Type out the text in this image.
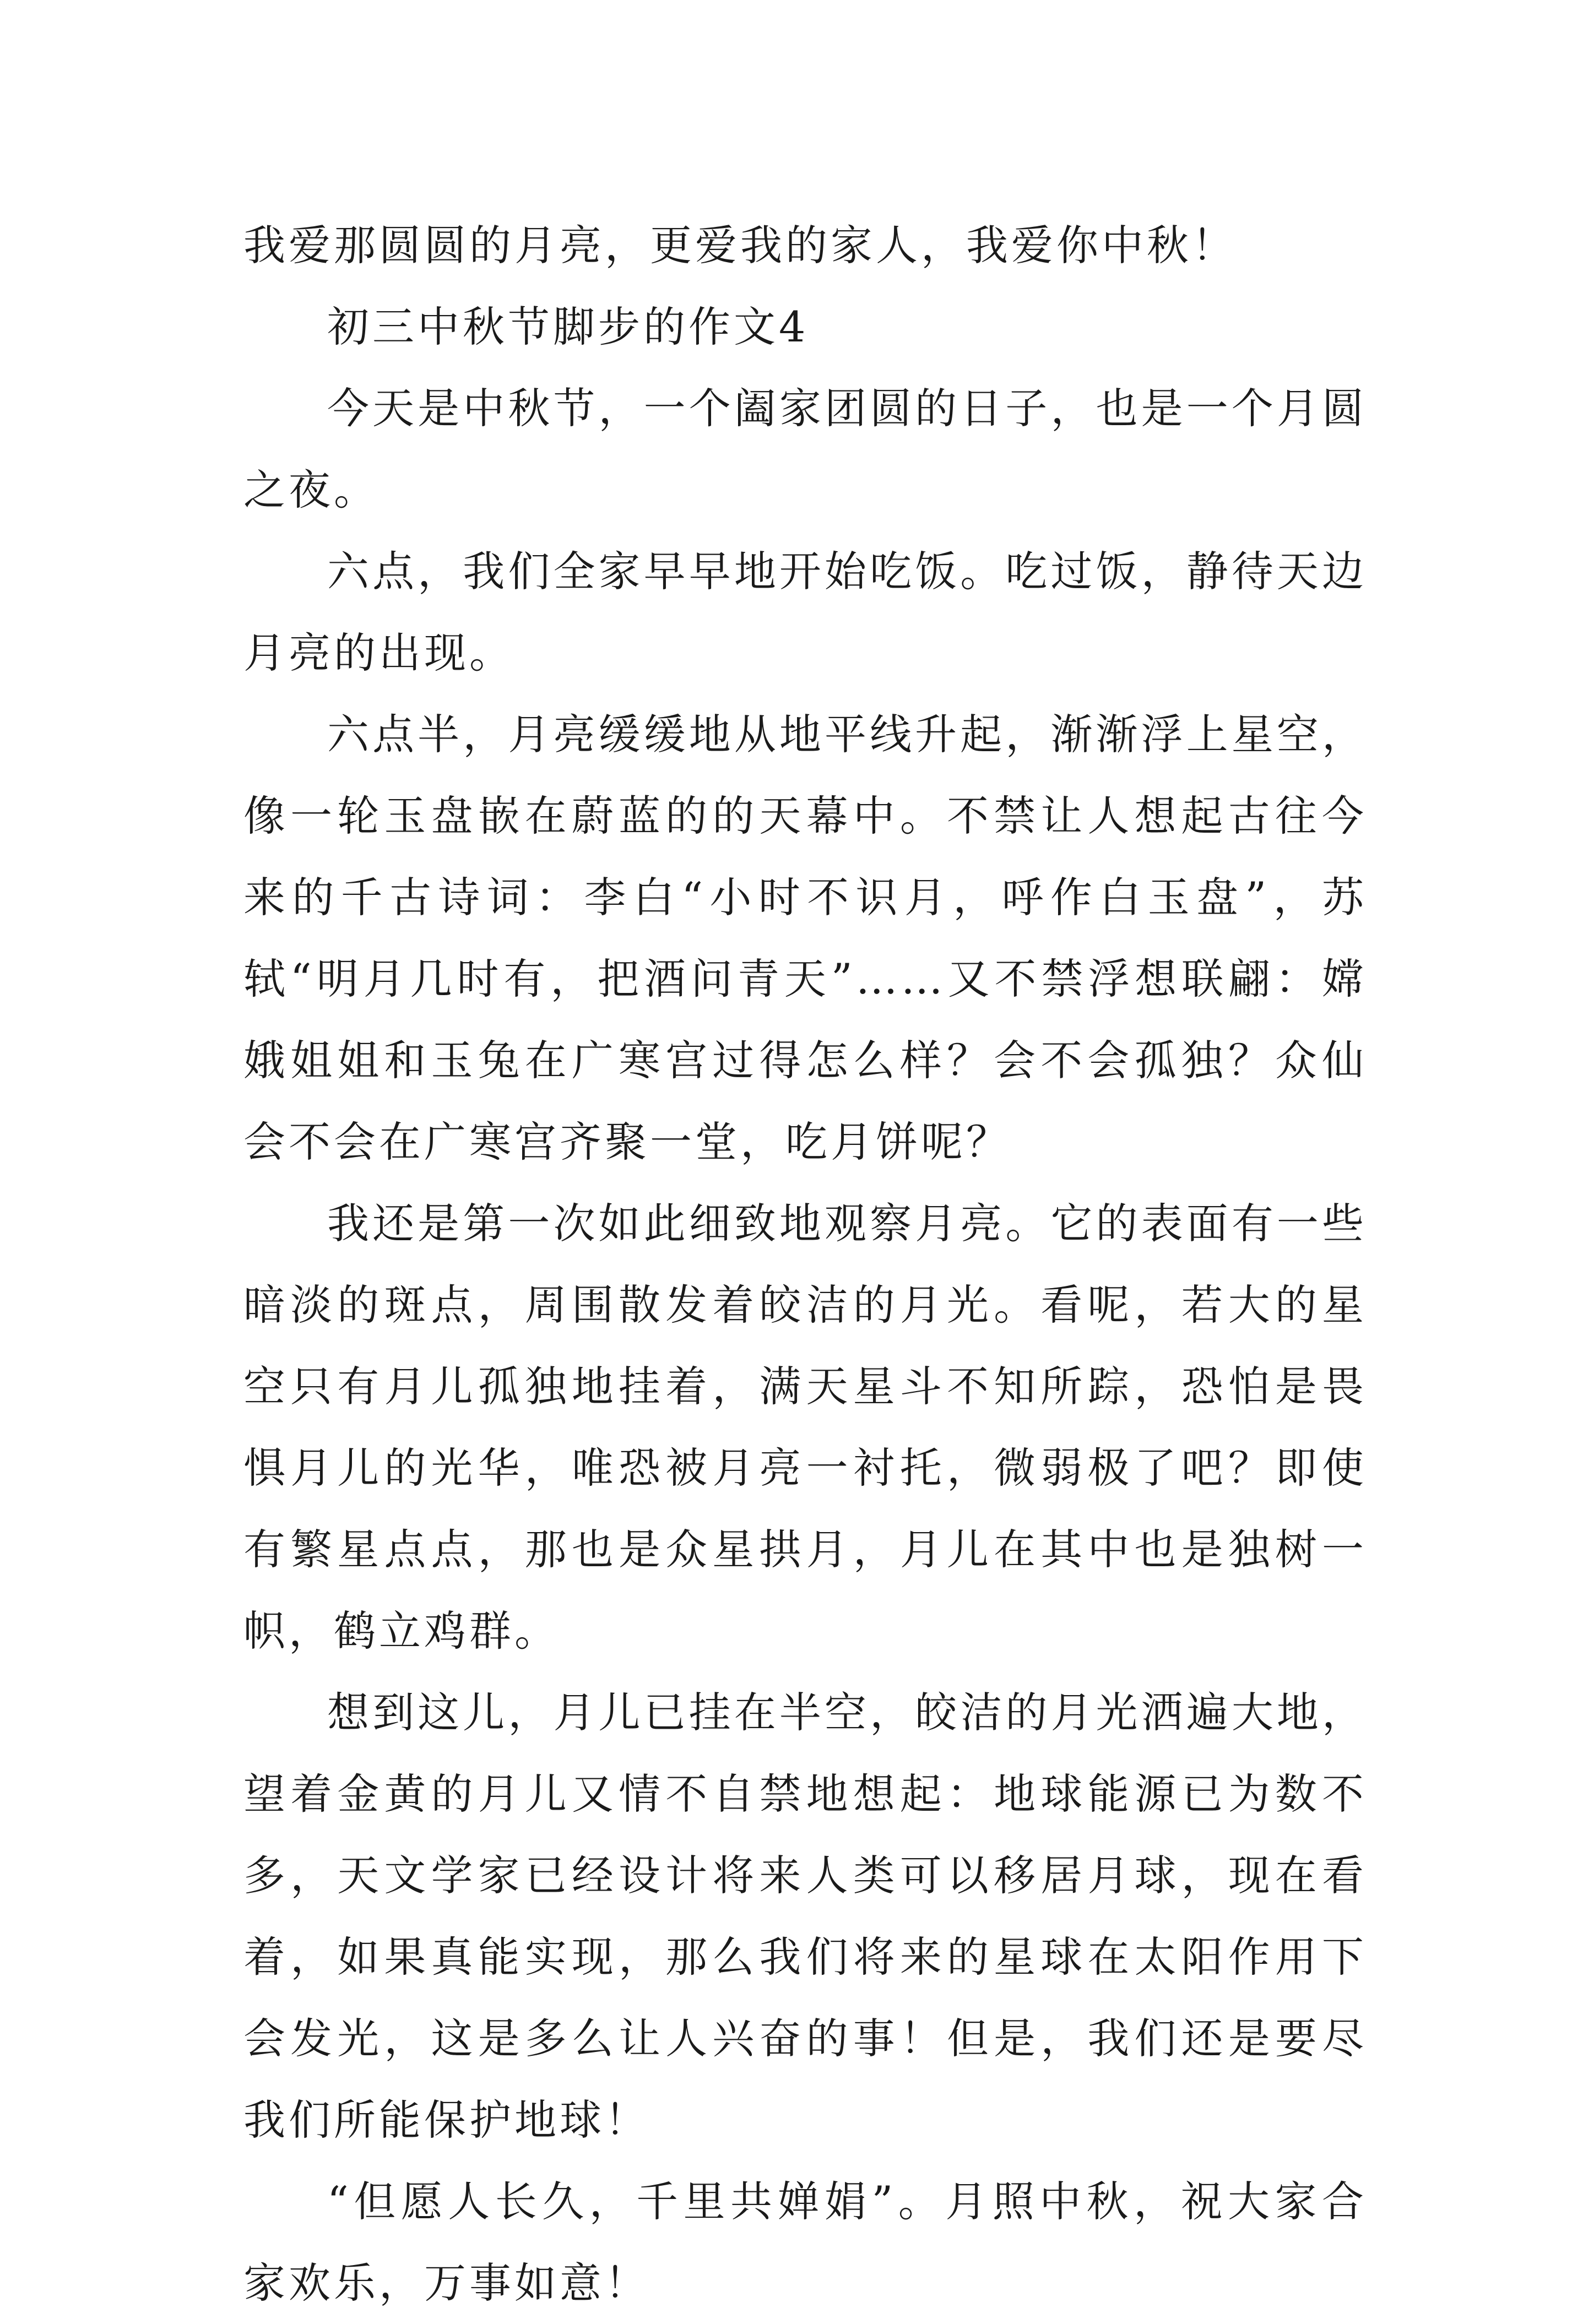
我爱那圆圆的月亮，更爱我的家人，我爱你中秋！

初三中秋节脚步的作文4

今天是中秋节，一个阖家团圆的日子，也是一个月圆之夜。

六点，我们全家早早地开始吃饭。吃过饭，静待天边月亮的出现。

六点半，月亮缓缓地从地平线升起，渐渐浮上星空，像一轮玉盘嵌在蔚蓝的的天幕中。不禁让人想起古往今来的千古诗词：李白“小时不识月，呼作白玉盘”，苏轼“明月几时有，把酒问青天”……又不禁浮想联翩：嫦娥姐姐和玉兔在广寒宫过得怎么样？会不会孤独？众仙会不会在广寒宫齐聚一堂，吃月饼呢？

我还是第一次如此细致地观察月亮。它的表面有一些暗淡的斑点，周围散发着皎洁的月光。看呢，若大的星空只有月儿孤独地挂着，满天星斗不知所踪，恐怕是畏惧月儿的光华，唯恐被月亮一衬托，微弱极了吧？即使有繁星点点，那也是众星拱月，月儿在其中也是独树一帜，鹤立鸡群。

想到这儿，月儿已挂在半空，皎洁的月光洒遍大地，望着金黄的月儿又情不自禁地想起：地球能源已为数不多，天文学家已经设计将来人类可以移居月球，现在看着，如果真能实现，那么我们将来的星球在太阳作用下会发光，这是多么让人兴奋的事！但是，我们还是要尽我们所能保护地球！

“但愿人长久，千里共婵娟”。月照中秋，祝大家合家欢乐，万事如意！
